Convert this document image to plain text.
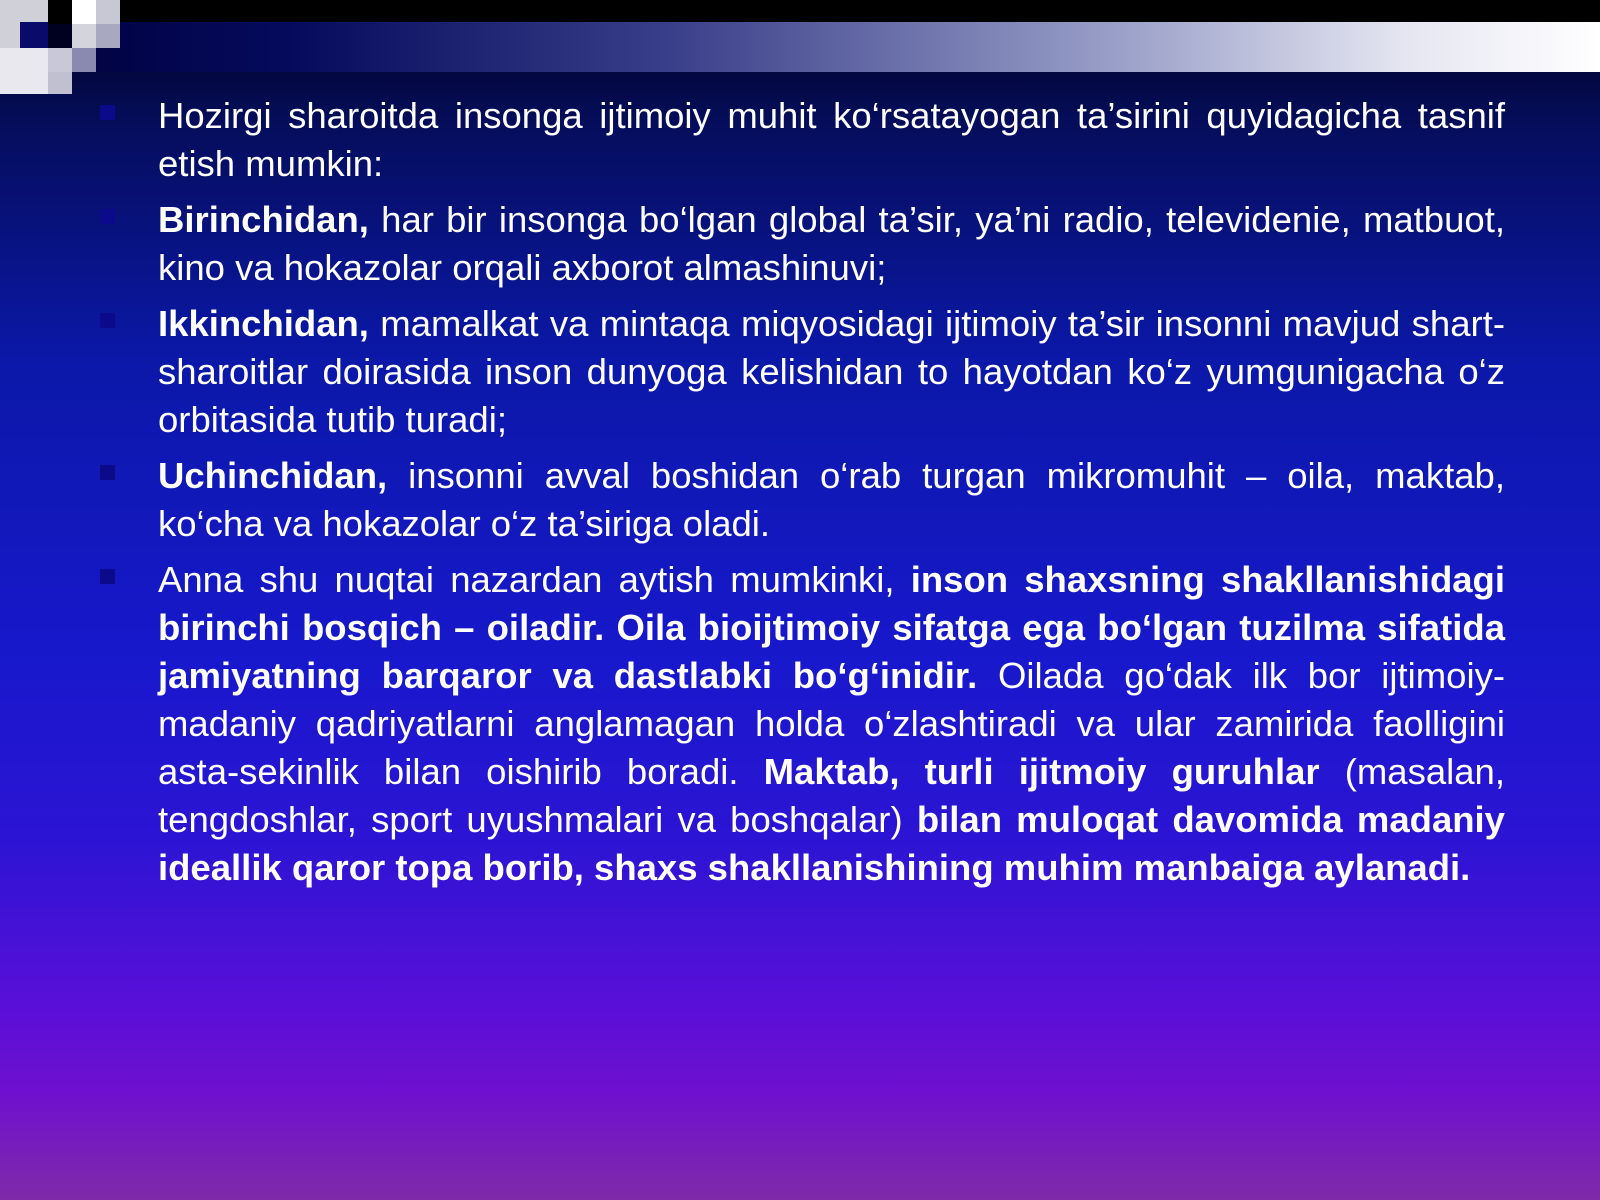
Hozirgi sharoitda insonga ijtimoiy muhit ko‘rsatayogan ta’sirini quyidagicha tasnif etish mumkin:
Birinchidan, har bir insonga bo‘lgan global ta’sir, ya’ni radio, televidenie, matbuot, kino va hokazolar orqali axborot almashinuvi;
Ikkinchidan, mamalkat va mintaqa miqyosidagi ijtimoiy ta’sir insonni mavjud shart-sharoitlar doirasida inson dunyoga kelishidan to hayotdan ko‘z yumgunigacha o‘z orbitasida tutib turadi;
Uchinchidan, insonni avval boshidan o‘rab turgan mikromuhit – oila, maktab, ko‘cha va hokazolar o‘z ta’siriga oladi.
Anna shu nuqtai nazardan aytish mumkinki, inson shaxsning shakllanishidagi birinchi bosqich – oiladir. Oila bioijtimoiy sifatga ega bo‘lgan tuzilma sifatida jamiyatning barqaror va dastlabki bo‘g‘inidir. Oilada go‘dak ilk bor ijtimoiy-madaniy qadriyatlarni anglamagan holda o‘zlashtiradi va ular zamirida faolligini asta-sekinlik bilan oishirib boradi. Maktab, turli ijitmoiy guruhlar (masalan, tengdoshlar, sport uyushmalari va boshqalar) bilan muloqat davomida madaniy ideallik qaror topa borib, shaxs shakllanishining muhim manbaiga aylanadi.
